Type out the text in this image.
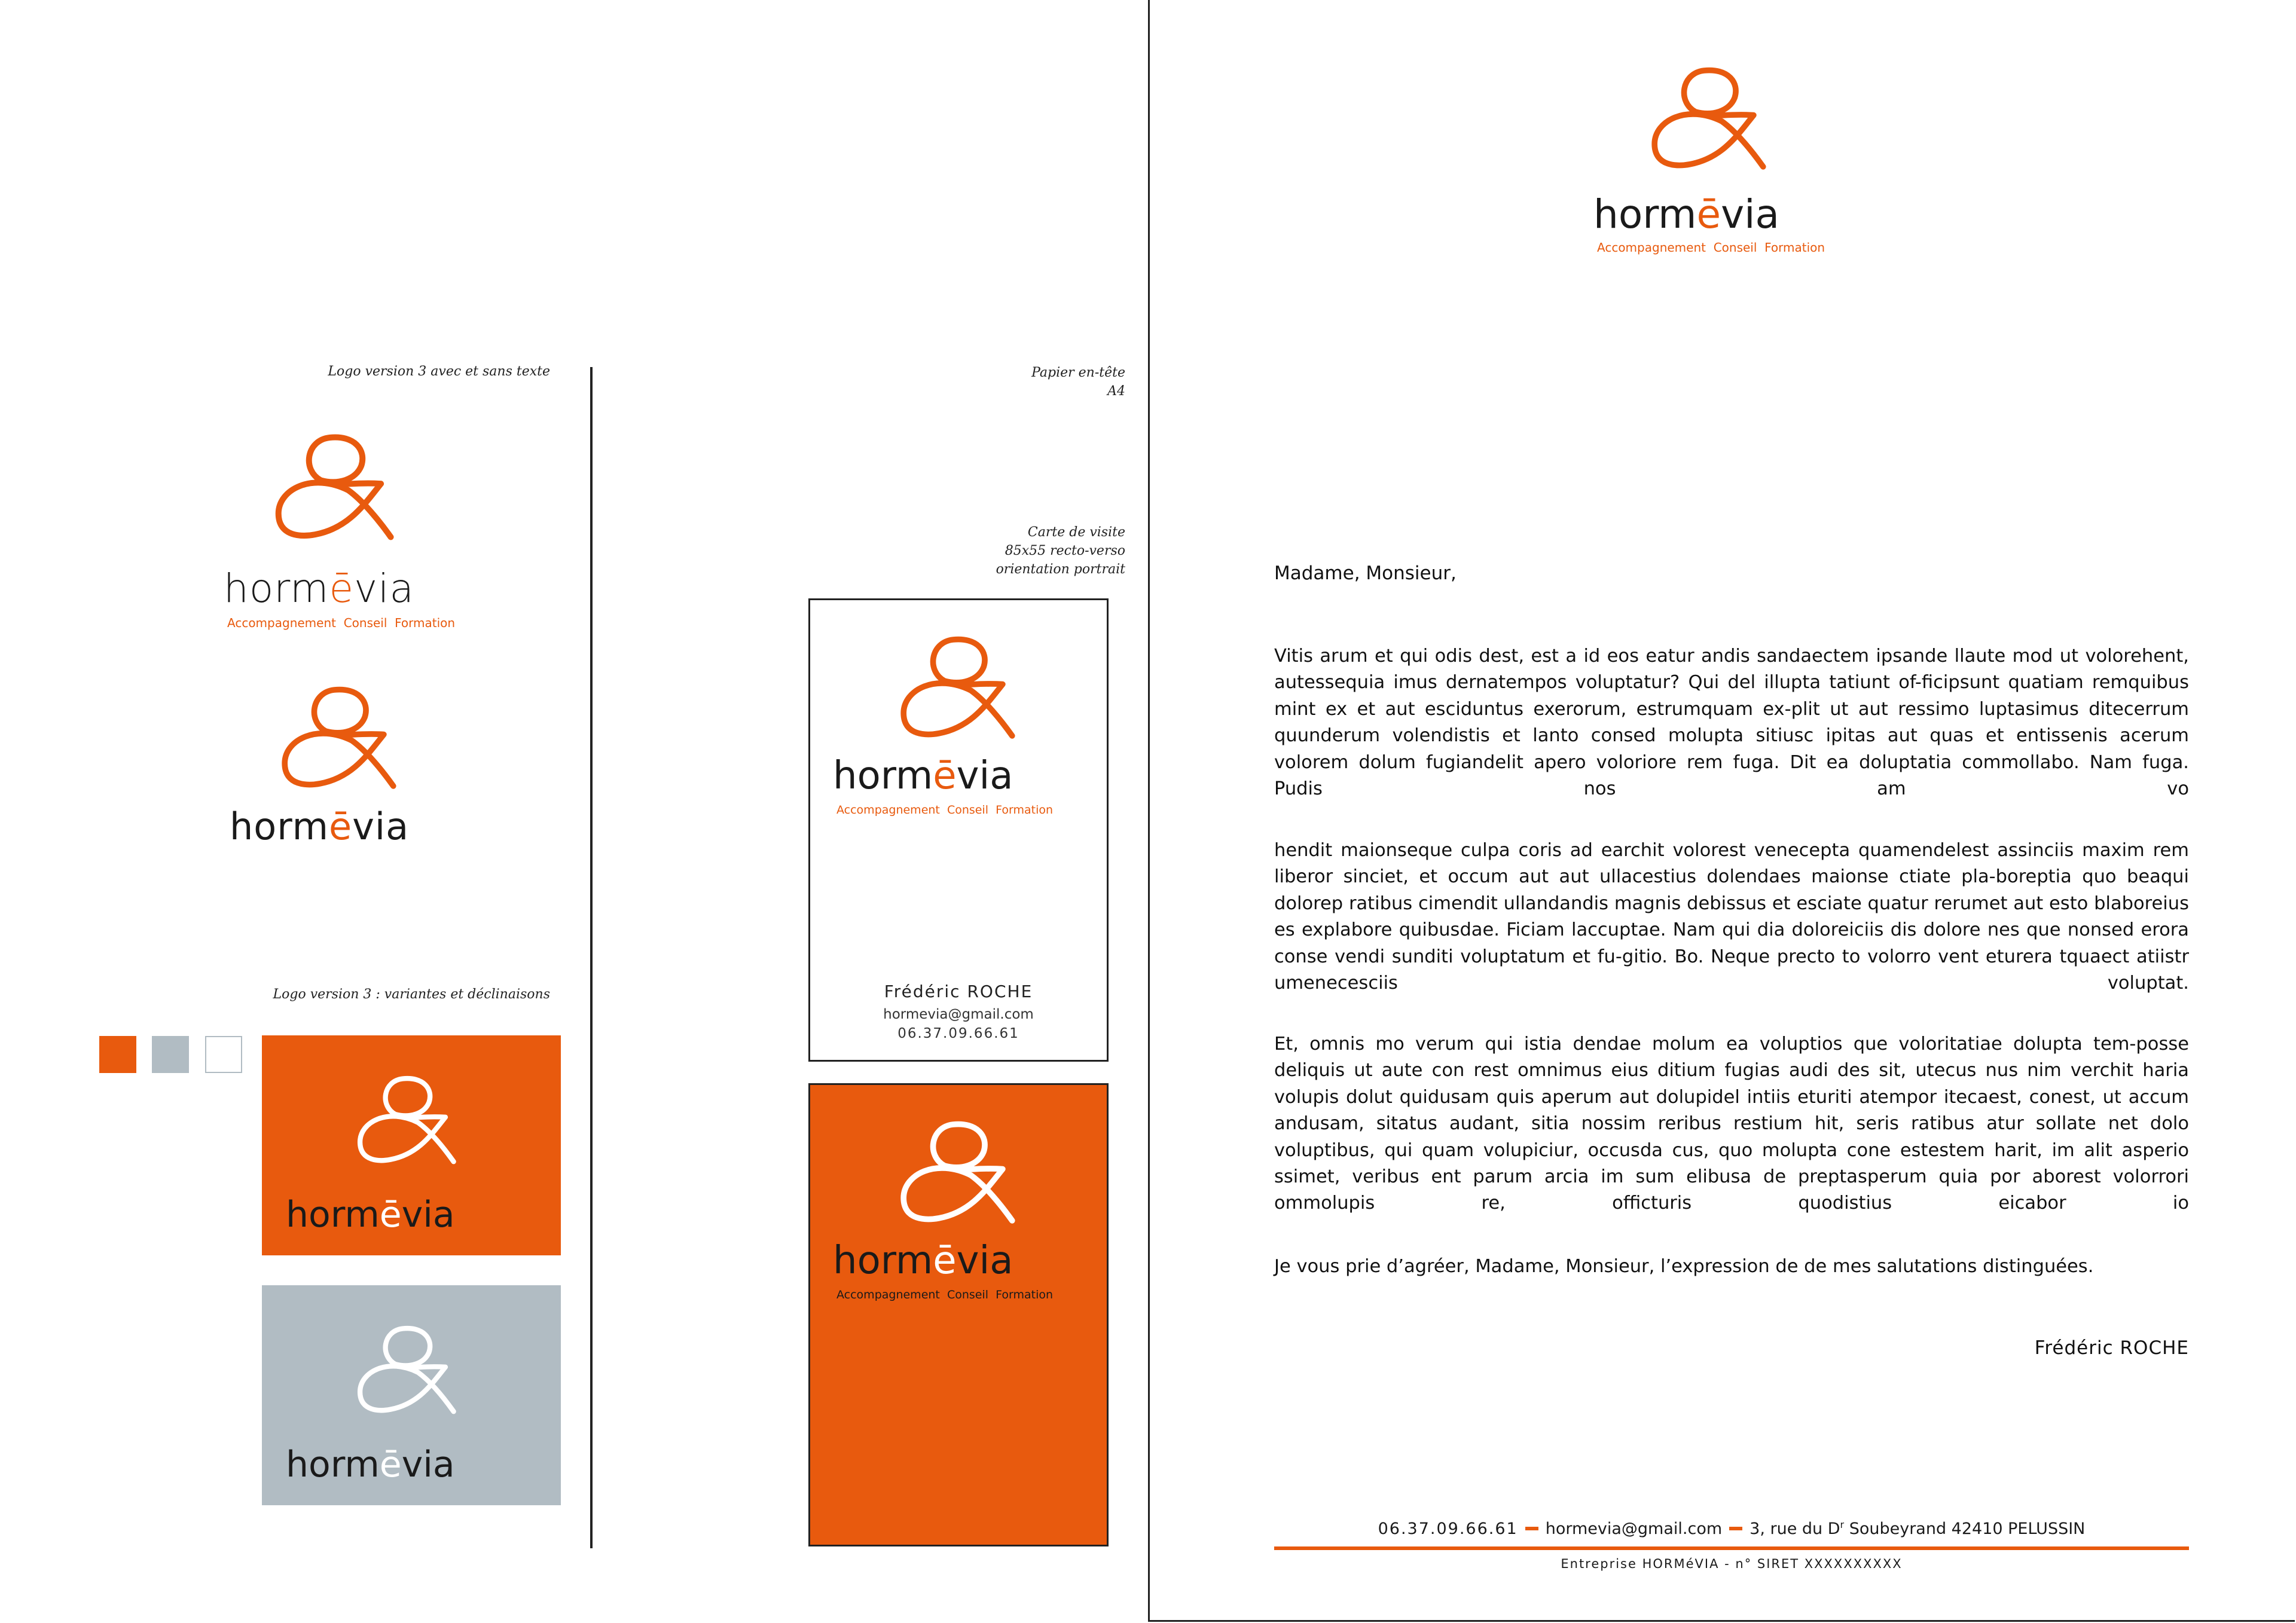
Logo version 3 avec et sans texte
hormēvia
Accompagnement  Conseil  Formation
hormēvia
Logo version 3 : variantes et déclinaisons
hormēvia
hormēvia
Papier en-tête
A4
Carte de visite
85x55 recto-verso
orientation portrait
hormēvia
Accompagnement  Conseil  Formation
Frédéric ROCHE
hormevia@gmail.com
06.37.09.66.61
hormēvia
Accompagnement  Conseil  Formation
hormēvia
Accompagnement  Conseil  Formation
Madame, Monsieur,
Vitis arum et qui odis dest, est a id eos eatur andis sandaectem ipsande llaute mod ut volorehent, autessequia imus dernatempos voluptatur? Qui del illupta tatiunt of-ficipsunt quatiam remquibus mint ex et aut esciduntus exerorum, estrumquam ex-plit ut aut ressimo luptasimus ditecerrum quunderum volendistis et lanto consed molupta sitiusc ipitas aut quas et entissenis acerum volorem dolum fugiandelit apero voloriore rem fuga. Dit ea doluptatia commollabo. Nam fuga. Pudis nos am vo
hendit maionseque culpa coris ad earchit volorest venecepta quamendelest assinciis maxim rem liberor sinciet, et occum aut aut ullacestius dolendaes maionse ctiate pla-boreptia quo beaqui dolorep ratibus cimendit ullandandis magnis debissus et esciate quatur rerumet aut esto blaboreius es explabore quibusdae. Ficiam laccuptae. Nam qui dia doloreiciis dis dolore nes que nonsed erora conse vendi sunditi voluptatum et fu-gitio. Bo. Neque precto to volorro vent eturera tquaect atiistr umenecesciis voluptat.
Et, omnis mo verum qui istia dendae molum ea voluptios que voloritatiae dolupta tem-posse deliquis ut aute con rest omnimus eius ditium fugias audi des sit, utecus nus nim verchit haria volupis dolut quidusam quis aperum aut dolupidel intiis eturiti atempor itecaest, conest, ut accum andusam, sitatus audant, sitia nossim reribus restium hit, seris ratibus atur sollate net dolo voluptibus, qui quam volupiciur, occusda cus, quo molupta cone estestem harit, im alit asperio ssimet, veribus ent parum arcia im sum elibusa de preptasperum quia por aborest volorrori ommolupis re, officturis quodistius eicabor io
Je vous prie d’agréer, Madame, Monsieur, l’expression de de mes salutations distinguées.
Frédéric ROCHE
06.37.09.66.61 hormevia@gmail.com 3, rue du $D^r$ Soubeyrand 42410 PELUSSIN
Entreprise HORMéVIA - n° SIRET XXXXXXXXXX
